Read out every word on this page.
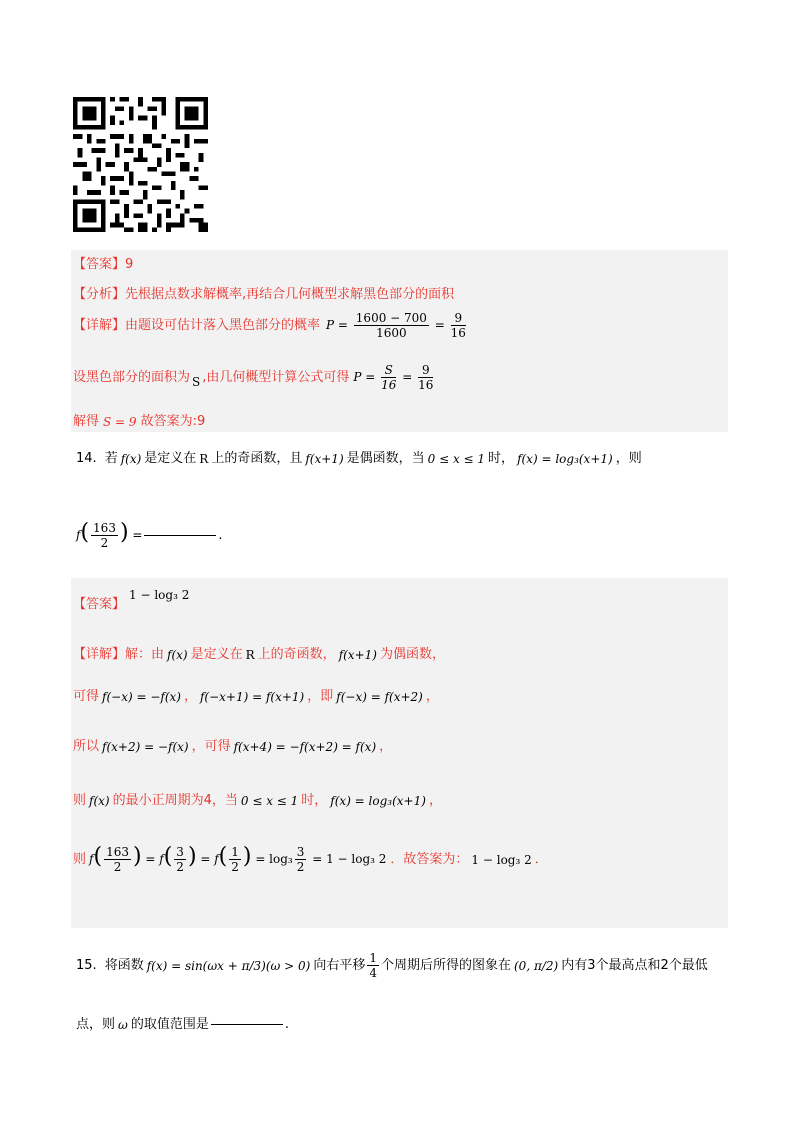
【答案】 9
【分析】 先根据点数求解概率,再结合几何概型求解黑色部分的面积
【详解】 由题设可估计落入黑色部分的概率 $P = \frac{1600 - 700}{1600} = \frac{9}{16}$
设黑色部分的面积为 S ,由几何概型计算公式可得 $P = \frac{S}{16} = \frac{9}{16}$
解得 S = 9 故答案为:9
14. 若 f(x) 是定义在 R 上的奇函数，且 f(x+1) 是偶函数，当 0 ≤ x ≤ 1 时， f(x) = log₃(x+1) ，则
$f( \frac{163}{2}$ ) =	.
【答案】
1 − log₃ 2
【详解】 解：由 f(x) 是定义在 R 上的奇函数， f(x+1) 为偶函数，
可得 f(−x) = −f(x) ， f(−x+1) = f(x+1) ， 即 f(−x) = f(x+2) ，
所以 f(x+2) = −f(x) ，可得 f(x+4) = −f(x+2) = f(x) ，
则 f(x) 的最小正周期为4，当 0 ≤ x ≤ 1 时， f(x) = log₃(x+1) ，
则 $f( \frac{163}{2}$ ) = $f( \frac{3}{2}$ ) = $f( \frac{1}{2}$ ) = $\log_3 \frac{3}{2} = 1 - \log_3$ 2 ．故答案为： 1 − log₃ 2 ．
15. 将函数 f(x) = sin(ωx + π/3)(ω > 0) 向右平移 $\frac{1}{4}$ 个周期后所得的图象在 (0, π/2) 内有3个最高点和2个最低
点，则 ω 的取值范围是	.
